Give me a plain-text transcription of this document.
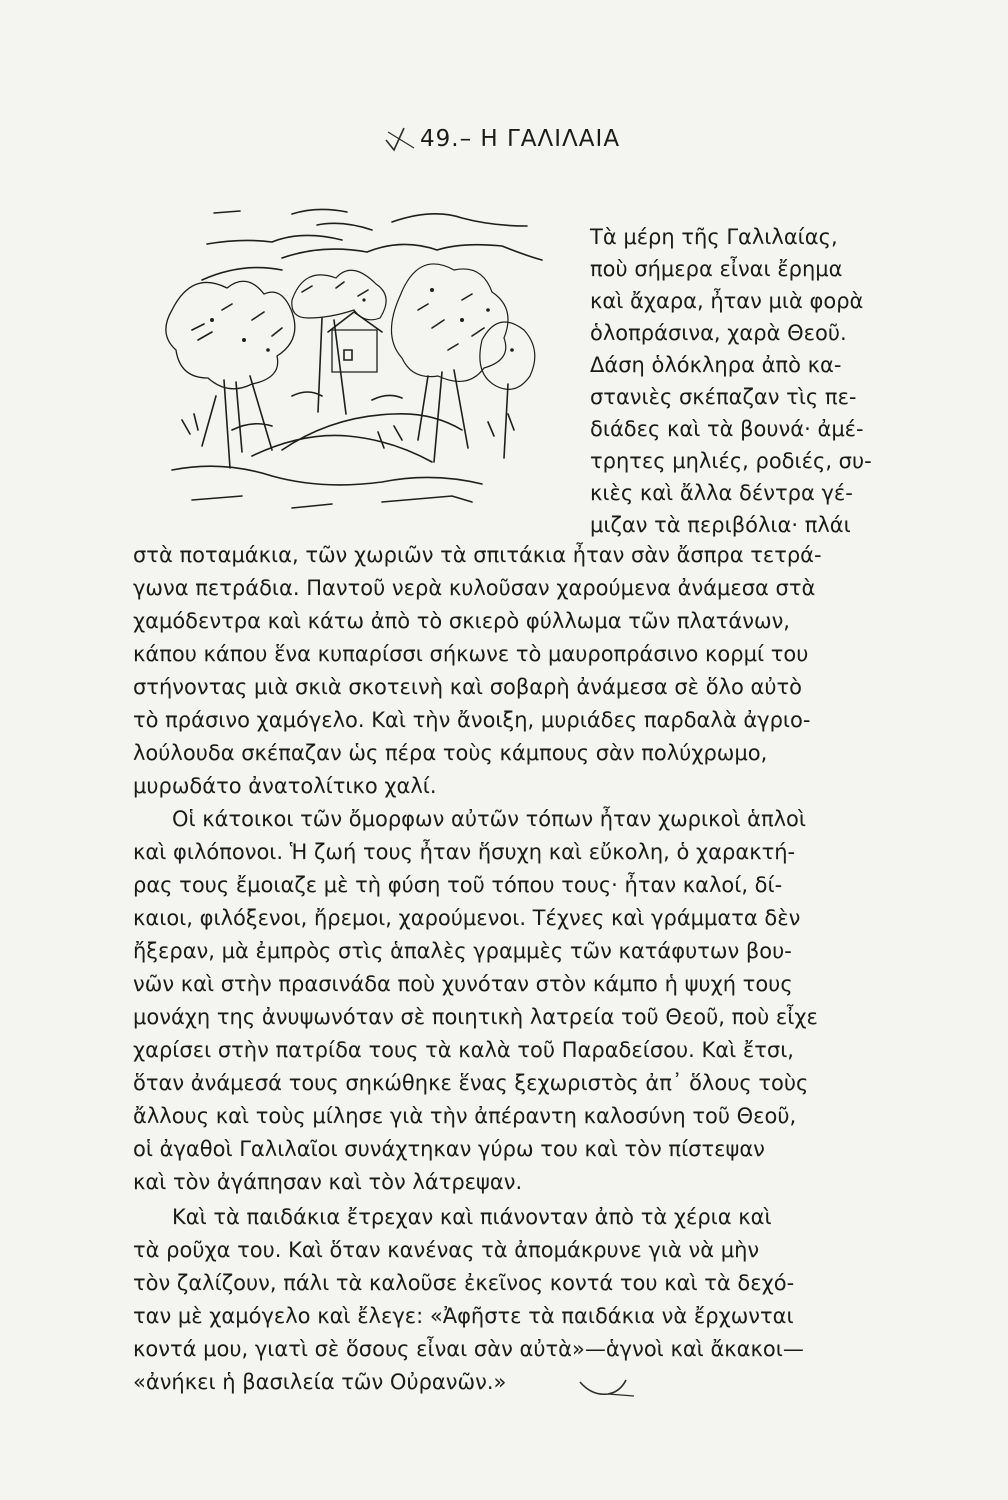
49.– Η ΓΑΛΙΛΑΙΑ
Τὰ μέρη τῆς Γαλιλαίας,
ποὺ σήμερα εἶναι ἔρημα
καὶ ἄχαρα, ἦταν μιὰ φορὰ
ὁλοπράσινα, χαρὰ Θεοῦ.
Δάση ὁλόκληρα ἀπὸ κα-
στανιὲς σκέπαζαν τὶς πε-
διάδες καὶ τὰ βουνά· ἀμέ-
τρητες μηλιές, ροδιές, συ-
κιὲς καὶ ἄλλα δέντρα γέ-
μιζαν τὰ περιβόλια· πλάι
στὰ ποταμάκια, τῶν χωριῶν τὰ σπιτάκια ἦταν σὰν ἄσπρα τετρά-
γωνα πετράδια. Παντοῦ νερὰ κυλοῦσαν χαρούμενα ἀνάμεσα στὰ
χαμόδεντρα καὶ κάτω ἀπὸ τὸ σκιερὸ φύλλωμα τῶν πλατάνων,
κάπου κάπου ἕνα κυπαρίσσι σήκωνε τὸ μαυροπράσινο κορμί του
στήνοντας μιὰ σκιὰ σκοτεινὴ καὶ σοβαρὴ ἀνάμεσα σὲ ὅλο αὐτὸ
τὸ πράσινο χαμόγελο. Καὶ τὴν ἄνοιξη, μυριάδες παρδαλὰ ἀγριο-
λούλουδα σκέπαζαν ὡς πέρα τοὺς κάμπους σὰν πολύχρωμο,
μυρωδάτο ἀνατολίτικο χαλί.
Οἱ κάτοικοι τῶν ὄμορφων αὐτῶν τόπων ἦταν χωρικοὶ ἁπλοὶ
καὶ φιλόπονοι. Ἡ ζωή τους ἦταν ἥσυχη καὶ εὔκολη, ὁ χαρακτή-
ρας τους ἔμοιαζε μὲ τὴ φύση τοῦ τόπου τους· ἦταν καλοί, δί-
καιοι, φιλόξενοι, ἤρεμοι, χαρούμενοι. Τέχνες καὶ γράμματα δὲν
ἤξεραν, μὰ ἐμπρὸς στὶς ἁπαλὲς γραμμὲς τῶν κατάφυτων βου-
νῶν καὶ στὴν πρασινάδα ποὺ χυνόταν στὸν κάμπο ἡ ψυχή τους
μονάχη της ἀνυψωνόταν σὲ ποιητικὴ λατρεία τοῦ Θεοῦ, ποὺ εἶχε
χαρίσει στὴν πατρίδα τους τὰ καλὰ τοῦ Παραδείσου. Καὶ ἔτσι,
ὅταν ἀνάμεσά τους σηκώθηκε ἕνας ξεχωριστὸς ἀπ᾿ ὅλους τοὺς
ἄλλους καὶ τοὺς μίλησε γιὰ τὴν ἀπέραντη καλοσύνη τοῦ Θεοῦ,
οἱ ἀγαθοὶ Γαλιλαῖοι συνάχτηκαν γύρω του καὶ τὸν πίστεψαν
καὶ τὸν ἀγάπησαν καὶ τὸν λάτρεψαν.
Καὶ τὰ παιδάκια ἔτρεχαν καὶ πιάνονταν ἀπὸ τὰ χέρια καὶ
τὰ ροῦχα του. Καὶ ὅταν κανένας τὰ ἀπομάκρυνε γιὰ νὰ μὴν
τὸν ζαλίζουν, πάλι τὰ καλοῦσε ἐκεῖνος κοντά του καὶ τὰ δεχό-
ταν μὲ χαμόγελο καὶ ἔλεγε: «Ἀφῆστε τὰ παιδάκια νὰ ἔρχωνται
κοντά μου, γιατὶ σὲ ὅσους εἶναι σὰν αὐτὰ»—ἁγνοὶ καὶ ἄκακοι—
«ἀνήκει ἡ βασιλεία τῶν Οὐρανῶν.»
